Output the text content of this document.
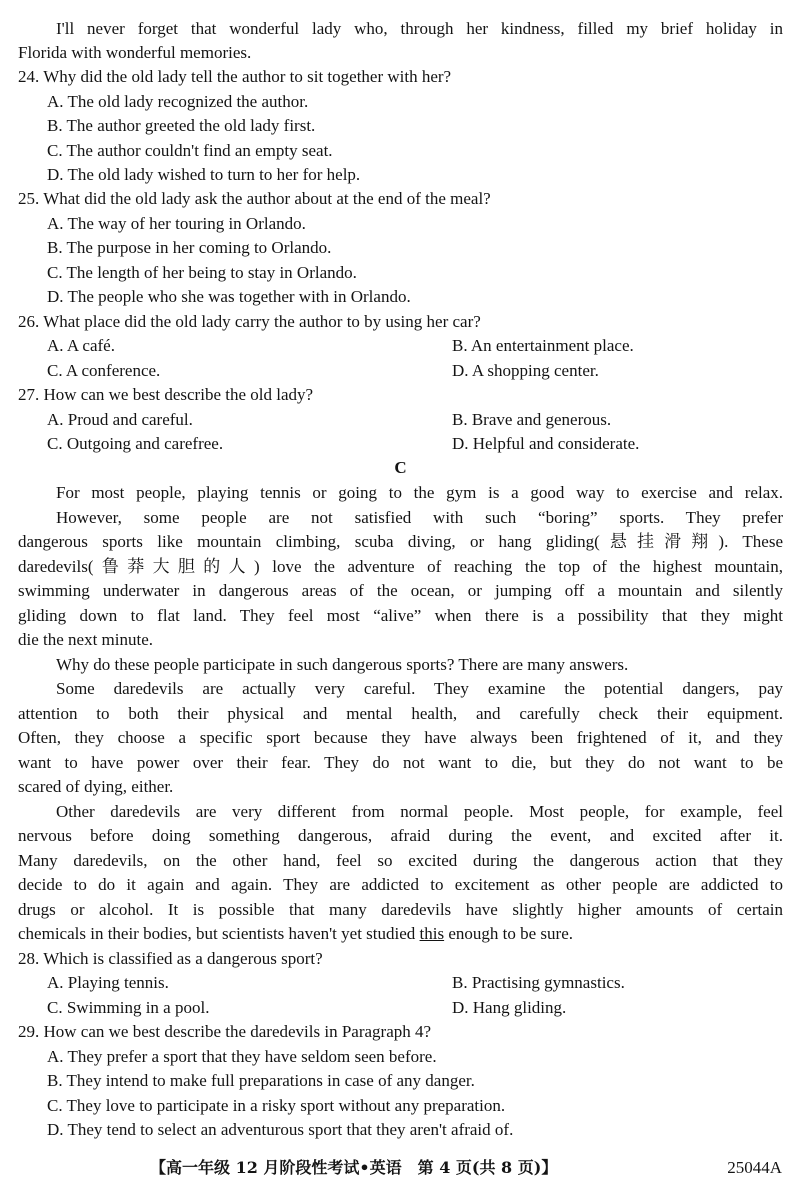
I'll never forget that wonderful lady who, through her kindness, filled my brief holiday in
Florida with wonderful memories.
24. Why did the old lady tell the author to sit together with her?
A. The old lady recognized the author.
B. The author greeted the old lady first.
C. The author couldn't find an empty seat.
D. The old lady wished to turn to her for help.
25. What did the old lady ask the author about at the end of the meal?
A. The way of her touring in Orlando.
B. The purpose in her coming to Orlando.
C. The length of her being to stay in Orlando.
D. The people who she was together with in Orlando.
26. What place did the old lady carry the author to by using her car?
A. A café.	B. An entertainment place.
C. A conference.	D. A shopping center.
27. How can we best describe the old lady?
A. Proud and careful.	B. Brave and generous.
C. Outgoing and carefree.	D. Helpful and considerate.
C
For most people, playing tennis or going to the gym is a good way to exercise and relax.
However, some people are not satisfied with such “boring” sports. They prefer
dangerous sports like mountain climbing, scuba diving, or hang gliding(悬挂滑翔). These
daredevils(鲁莽大胆的人) love the adventure of reaching the top of the highest mountain,
swimming underwater in dangerous areas of the ocean, or jumping off a mountain and silently
gliding down to flat land. They feel most “alive” when there is a possibility that they might
die the next minute.
Why do these people participate in such dangerous sports? There are many answers.
Some daredevils are actually very careful. They examine the potential dangers, pay
attention to both their physical and mental health, and carefully check their equipment.
Often, they choose a specific sport because they have always been frightened of it, and they
want to have power over their fear. They do not want to die, but they do not want to be
scared of dying, either.
Other daredevils are very different from normal people. Most people, for example, feel
nervous before doing something dangerous, afraid during the event, and excited after it.
Many daredevils, on the other hand, feel so excited during the dangerous action that they
decide to do it again and again. They are addicted to excitement as other people are addicted to
drugs or alcohol. It is possible that many daredevils have slightly higher amounts of certain
chemicals in their bodies, but scientists haven't yet studied this enough to be sure.
28. Which is classified as a dangerous sport?
A. Playing tennis.	B. Practising gymnastics.
C. Swimming in a pool.	D. Hang gliding.
29. How can we best describe the daredevils in Paragraph 4?
A. They prefer a sport that they have seldom seen before.
B. They intend to make full preparations in case of any danger.
C. They love to participate in a risky sport without any preparation.
D. They tend to select an adventurous sport that they aren't afraid of.
【高一年级 12 月阶段性考试•英语　第 4 页(共 8 页)】	25044A
